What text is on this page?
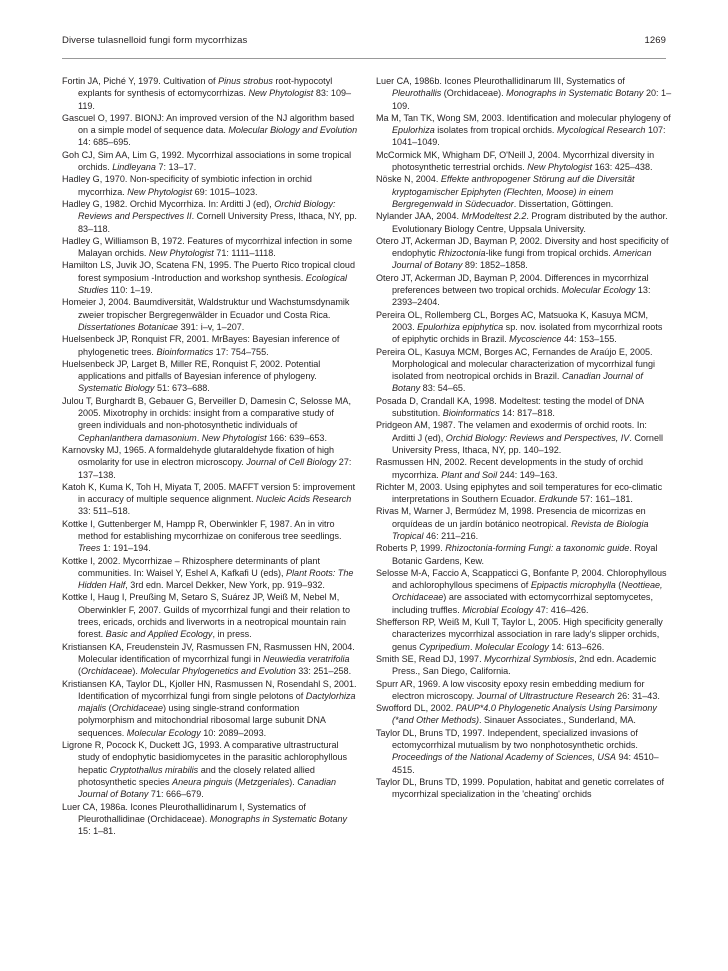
Diverse tulasnelloid fungi form mycorrhizas	1269

Fortin JA, Piché Y, 1979. Cultivation of Pinus strobus root-hypocotyl explants for synthesis of ectomycorrhizas. New Phytologist 83: 109–119.

Gascuel O, 1997. BIONJ: An improved version of the NJ algorithm based on a simple model of sequence data. Molecular Biology and Evolution 14: 685–695.

Goh CJ, Sim AA, Lim G, 1992. Mycorrhizal associations in some tropical orchids. Lindleyana 7: 13–17.

Hadley G, 1970. Non-specificity of symbiotic infection in orchid mycorrhiza. New Phytologist 69: 1015–1023.

Hadley G, 1982. Orchid Mycorrhiza. In: Arditti J (ed), Orchid Biology: Reviews and Perspectives II. Cornell University Press, Ithaca, NY, pp. 83–118.

Hadley G, Williamson B, 1972. Features of mycorrhizal infection in some Malayan orchids. New Phytologist 71: 1111–1118.

Hamilton LS, Juvik JO, Scatena FN, 1995. The Puerto Rico tropical cloud forest symposium -Introduction and workshop synthesis. Ecological Studies 110: 1–19.

Homeier J, 2004. Baumdiversität, Waldstruktur und Wachstumsdynamik zweier tropischer Bergregenwälder in Ecuador und Costa Rica. Dissertationes Botanicae 391: i–v, 1–207.

Huelsenbeck JP, Ronquist FR, 2001. MrBayes: Bayesian inference of phylogenetic trees. Bioinformatics 17: 754–755.

Huelsenbeck JP, Larget B, Miller RE, Ronquist F, 2002. Potential applications and pitfalls of Bayesian inference of phylogeny. Systematic Biology 51: 673–688.

Julou T, Burghardt B, Gebauer G, Berveiller D, Damesin C, Selosse MA, 2005. Mixotrophy in orchids: insight from a comparative study of green individuals and non-photosynthetic individuals of Cephanlanthera damasonium. New Phytologist 166: 639–653.

Karnovsky MJ, 1965. A formaldehyde glutaraldehyde fixation of high osmolarity for use in electron microscopy. Journal of Cell Biology 27: 137–138.

Katoh K, Kuma K, Toh H, Miyata T, 2005. MAFFT version 5: improvement in accuracy of multiple sequence alignment. Nucleic Acids Research 33: 511–518.

Kottke I, Guttenberger M, Hampp R, Oberwinkler F, 1987. An in vitro method for establishing mycorrhizae on coniferous tree seedlings. Trees 1: 191–194.

Kottke I, 2002. Mycorrhizae – Rhizosphere determinants of plant communities. In: Waisel Y, Eshel A, Kafkafi U (eds), Plant Roots: The Hidden Half, 3rd edn. Marcel Dekker, New York, pp. 919–932.

Kottke I, Haug I, Preußing M, Setaro S, Suárez JP, Weiß M, Nebel M, Oberwinkler F, 2007. Guilds of mycorrhizal fungi and their relation to trees, ericads, orchids and liverworts in a neotropical mountain rain forest. Basic and Applied Ecology, in press.

Kristiansen KA, Freudenstein JV, Rasmussen FN, Rasmussen HN, 2004. Molecular identification of mycorrhizal fungi in Neuwiedia veratrifolia (Orchidaceae). Molecular Phylogenetics and Evolution 33: 251–258.

Kristiansen KA, Taylor DL, Kjoller HN, Rasmussen N, Rosendahl S, 2001. Identification of mycorrhizal fungi from single pelotons of Dactylorhiza majalis (Orchidaceae) using single-strand conformation polymorphism and mitochondrial ribosomal large subunit DNA sequences. Molecular Ecology 10: 2089–2093.

Ligrone R, Pocock K, Duckett JG, 1993. A comparative ultrastructural study of endophytic basidiomycetes in the parasitic achlorophyllous hepatic Cryptothallus mirabilis and the closely related allied photosynthetic species Aneura pinguis (Metzgeriales). Canadian Journal of Botany 71: 666–679.

Luer CA, 1986a. Icones Pleurothallidinarum I, Systematics of Pleurothallidinae (Orchidaceae). Monographs in Systematic Botany 15: 1–81.

Luer CA, 1986b. Icones Pleurothallidinarum III, Systematics of Pleurothallis (Orchidaceae). Monographs in Systematic Botany 20: 1–109.

Ma M, Tan TK, Wong SM, 2003. Identification and molecular phylogeny of Epulorhiza isolates from tropical orchids. Mycological Research 107: 1041–1049.

McCormick MK, Whigham DF, O'Neill J, 2004. Mycorrhizal diversity in photosynthetic terrestrial orchids. New Phytologist 163: 425–438.

Nöske N, 2004. Effekte anthropogener Störung auf die Diversität kryptogamischer Epiphyten (Flechten, Moose) in einem Bergregenwald in Südecuador. Dissertation, Göttingen.

Nylander JAA, 2004. MrModeltest 2.2. Program distributed by the author. Evolutionary Biology Centre, Uppsala University.

Otero JT, Ackerman JD, Bayman P, 2002. Diversity and host specificity of endophytic Rhizoctonia-like fungi from tropical orchids. American Journal of Botany 89: 1852–1858.

Otero JT, Ackerman JD, Bayman P, 2004. Differences in mycorrhizal preferences between two tropical orchids. Molecular Ecology 13: 2393–2404.

Pereira OL, Rollemberg CL, Borges AC, Matsuoka K, Kasuya MCM, 2003. Epulorhiza epiphytica sp. nov. isolated from mycorrhizal roots of epiphytic orchids in Brazil. Mycoscience 44: 153–155.

Pereira OL, Kasuya MCM, Borges AC, Fernandes de Araújo E, 2005. Morphological and molecular characterization of mycorrhizal fungi isolated from neotropical orchids in Brazil. Canadian Journal of Botany 83: 54–65.

Posada D, Crandall KA, 1998. Modeltest: testing the model of DNA substitution. Bioinformatics 14: 817–818.

Pridgeon AM, 1987. The velamen and exodermis of orchid roots. In: Arditti J (ed), Orchid Biology: Reviews and Perspectives, IV. Cornell University Press, Ithaca, NY, pp. 140–192.

Rasmussen HN, 2002. Recent developments in the study of orchid mycorrhiza. Plant and Soil 244: 149–163.

Richter M, 2003. Using epiphytes and soil temperatures for eco-climatic interpretations in Southern Ecuador. Erdkunde 57: 161–181.

Rivas M, Warner J, Bermúdez M, 1998. Presencia de micorrizas en orquídeas de un jardín botánico neotropical. Revista de Biologia Tropical 46: 211–216.

Roberts P, 1999. Rhizoctonia-forming Fungi: a taxonomic guide. Royal Botanic Gardens, Kew.

Selosse M-A, Faccio A, Scappaticci G, Bonfante P, 2004. Chlorophyllous and achlorophyllous specimens of Epipactis microphylla (Neottieae, Orchidaceae) are associated with ectomycorrhizal septomycetes, including truffles. Microbial Ecology 47: 416–426.

Shefferson RP, Weiß M, Kull T, Taylor L, 2005. High specificity generally characterizes mycorrhizal association in rare lady's slipper orchids, genus Cypripedium. Molecular Ecology 14: 613–626.

Smith SE, Read DJ, 1997. Mycorrhizal Symbiosis, 2nd edn. Academic Press., San Diego, California.

Spurr AR, 1969. A low viscosity epoxy resin embedding medium for electron microscopy. Journal of Ultrastructure Research 26: 31–43.

Swofford DL, 2002. PAUP*4.0 Phylogenetic Analysis Using Parsimony (*and Other Methods). Sinauer Associates., Sunderland, MA.

Taylor DL, Bruns TD, 1997. Independent, specialized invasions of ectomycorrhizal mutualism by two nonphotosynthetic orchids. Proceedings of the National Academy of Sciences, USA 94: 4510–4515.

Taylor DL, Bruns TD, 1999. Population, habitat and genetic correlates of mycorrhizal specialization in the 'cheating' orchids
